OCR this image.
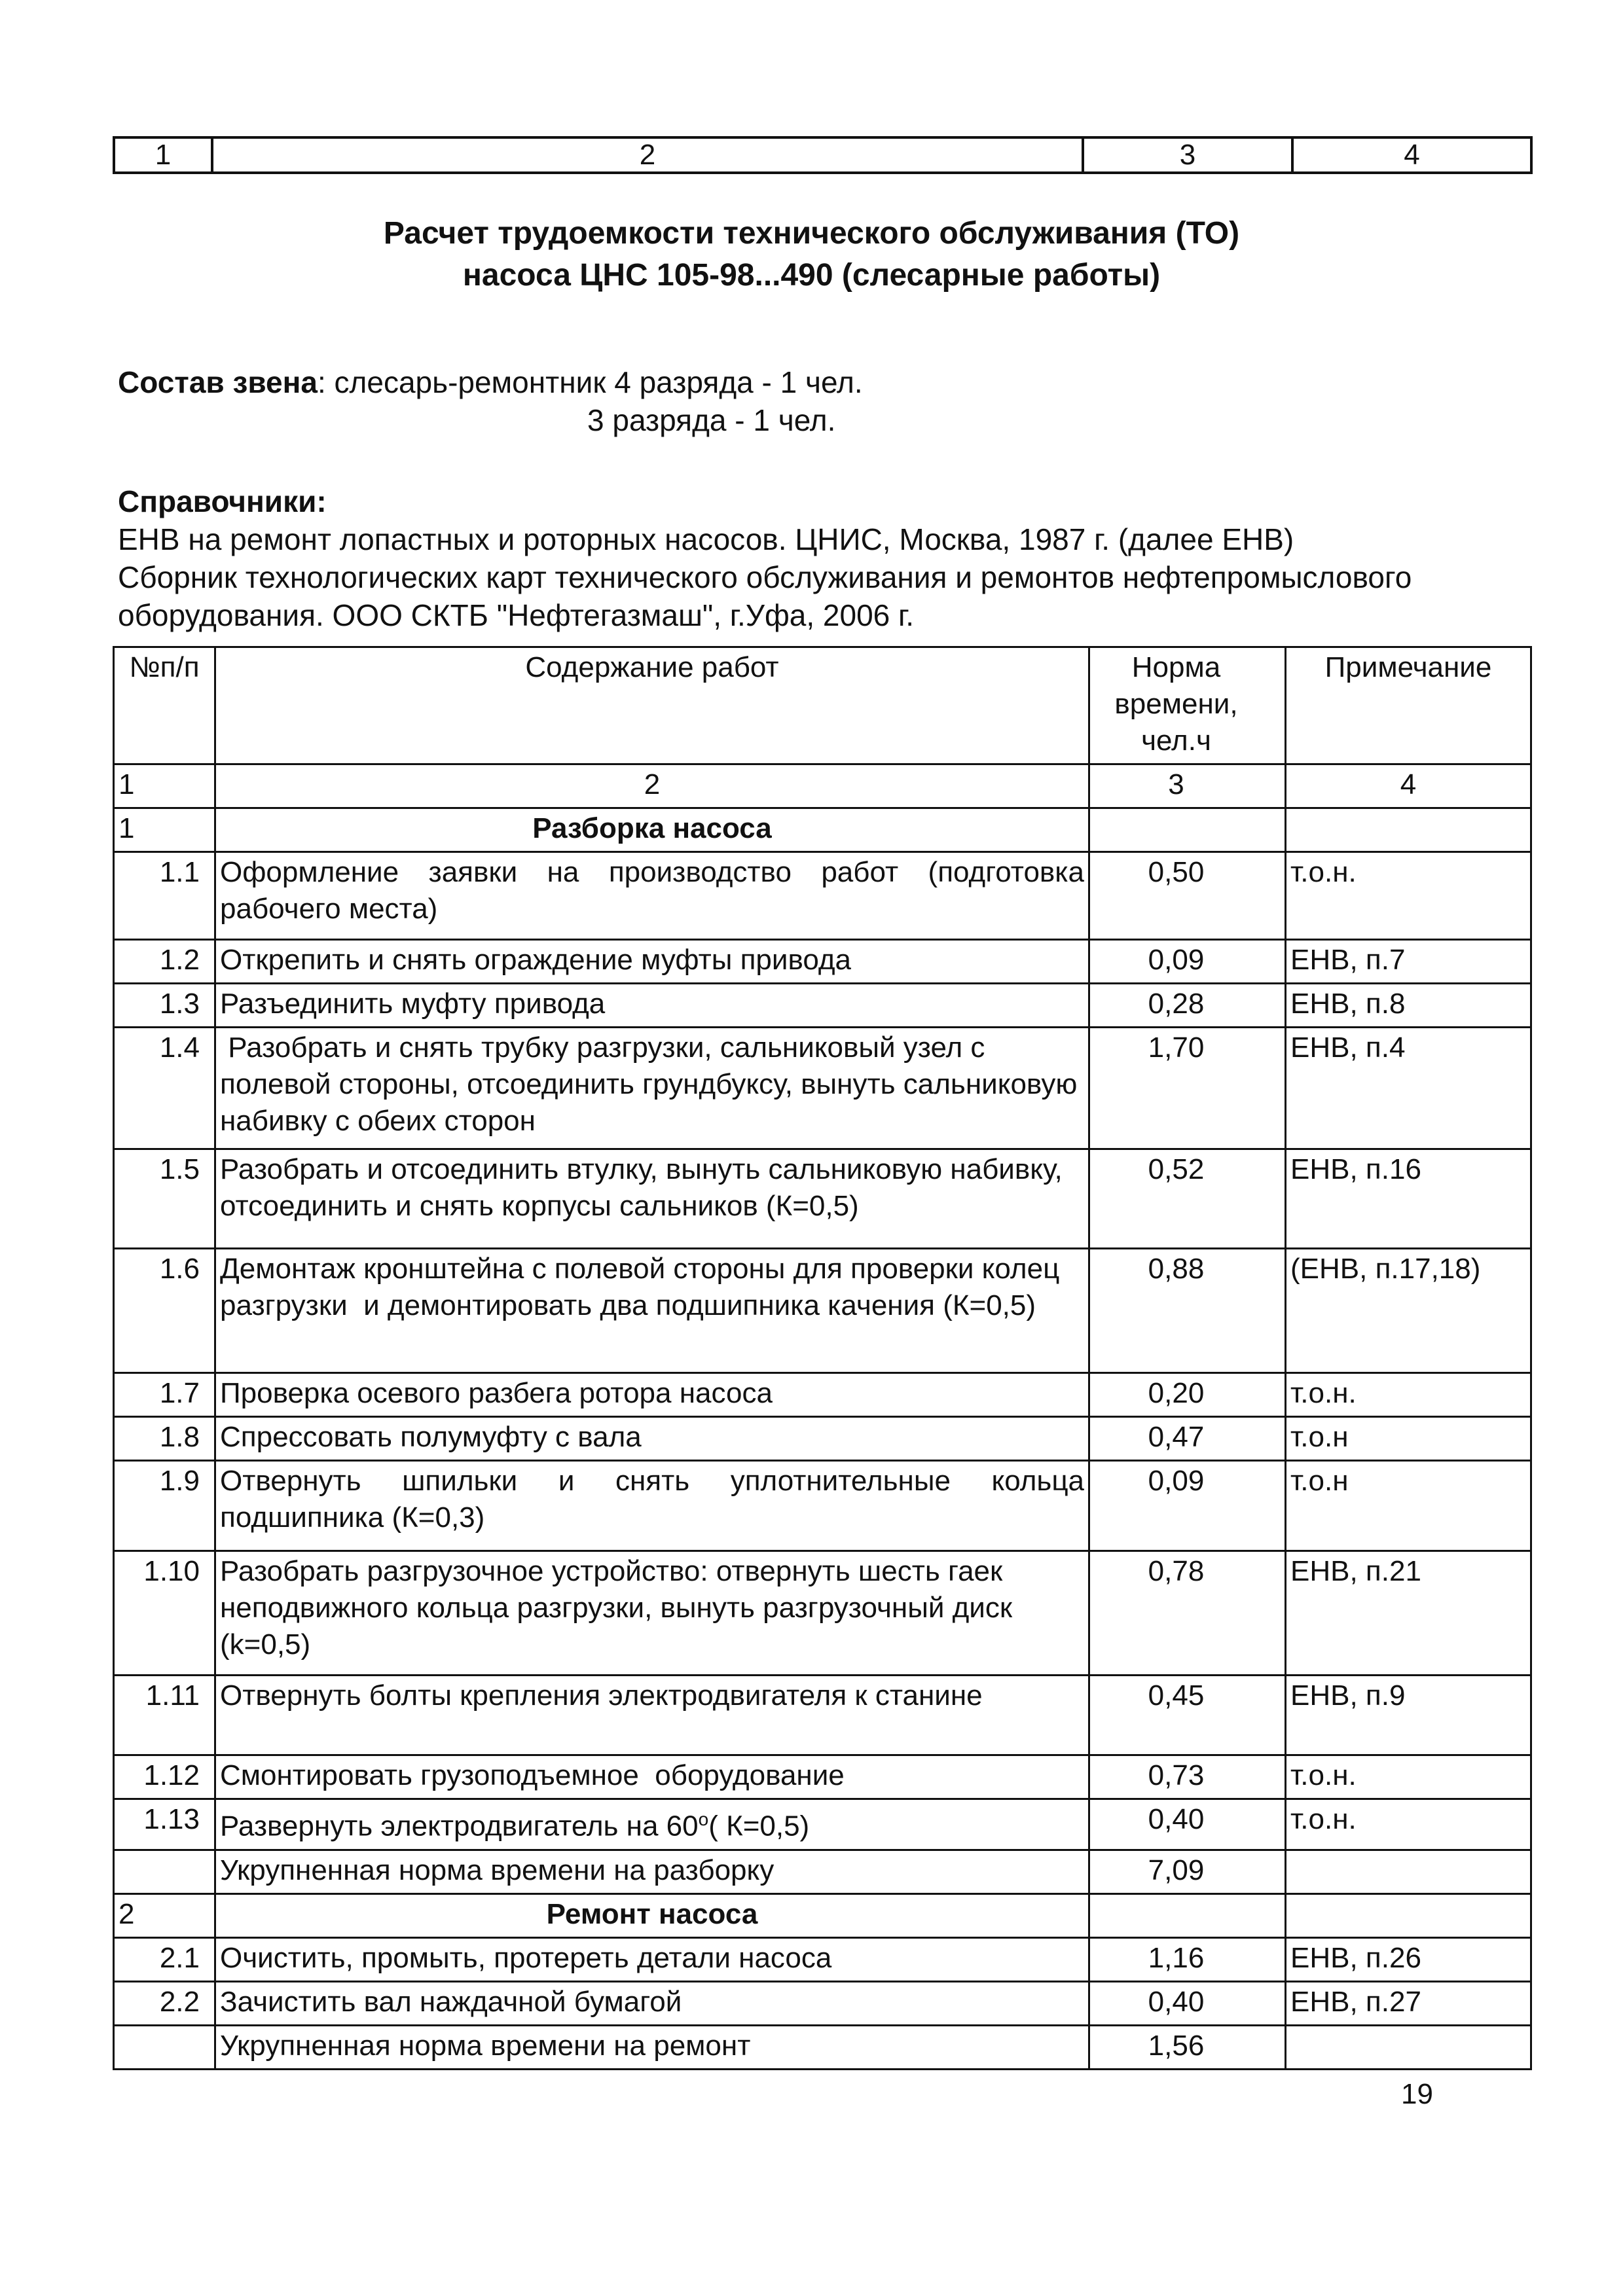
1	2	3	4
Расчет трудоемкости технического обслуживания (ТО)
насоса ЦНС 105-98...490 (слесарные работы)
Состав звена: слесарь-ремонтник 4 разряда - 1 чел.
3 разряда - 1 чел.
Справочники:
ЕНВ на ремонт лопастных и роторных насосов. ЦНИС, Москва, 1987 г. (далее ЕНВ)
Сборник технологических карт технического обслуживания и ремонтов нефтепромыслового оборудования. ООО СКТБ "Нефтегазмаш", г.Уфа, 2006 г.
№п/п	Содержание работ	Норма времени, чел.ч	Примечание
1	2	3	4
1	Разборка насоса		
1.1	Оформление заявки на производство работ (подготовка рабочего места)	0,50	т.о.н.
1.2	Открепить и снять ограждение муфты привода	0,09	ЕНВ, п.7
1.3	Разъединить муфту привода	0,28	ЕНВ, п.8
1.4	Разобрать и снять трубку разгрузки, сальниковый узел с полевой стороны, отсоединить грундбуксу, вынуть сальниковую набивку с обеих сторон	1,70	ЕНВ, п.4
1.5	Разобрать и отсоединить втулку, вынуть сальниковую набивку, отсоединить и снять корпусы сальников (К=0,5)	0,52	ЕНВ, п.16
1.6	Демонтаж кронштейна с полевой стороны для проверки колец разгрузки  и демонтировать два подшипника качения (К=0,5)	0,88	(ЕНВ, п.17,18)
1.7	Проверка осевого разбега ротора насоса	0,20	т.о.н.
1.8	Спрессовать полумуфту с вала	0,47	т.о.н
1.9	Отвернуть шпильки и снять уплотнительные кольца подшипника (К=0,3)	0,09	т.о.н
1.10	Разобрать разгрузочное устройство: отвернуть шесть гаек неподвижного кольца разгрузки, вынуть разгрузочный диск (k=0,5)	0,78	ЕНВ, п.21
1.11	Отвернуть болты крепления электродвигателя к станине	0,45	ЕНВ, п.9
1.12	Смонтировать грузоподъемное  оборудование	0,73	т.о.н.
1.13	Развернуть электродвигатель на 60$^o$( К=0,5)	0,40	т.о.н.
	Укрупненная норма времени на разборку	7,09	
2	Ремонт насоса		
2.1	Очистить, промыть, протереть детали насоса	1,16	ЕНВ, п.26
2.2	Зачистить вал наждачной бумагой	0,40	ЕНВ, п.27
	Укрупненная норма времени на ремонт	1,56	
19
